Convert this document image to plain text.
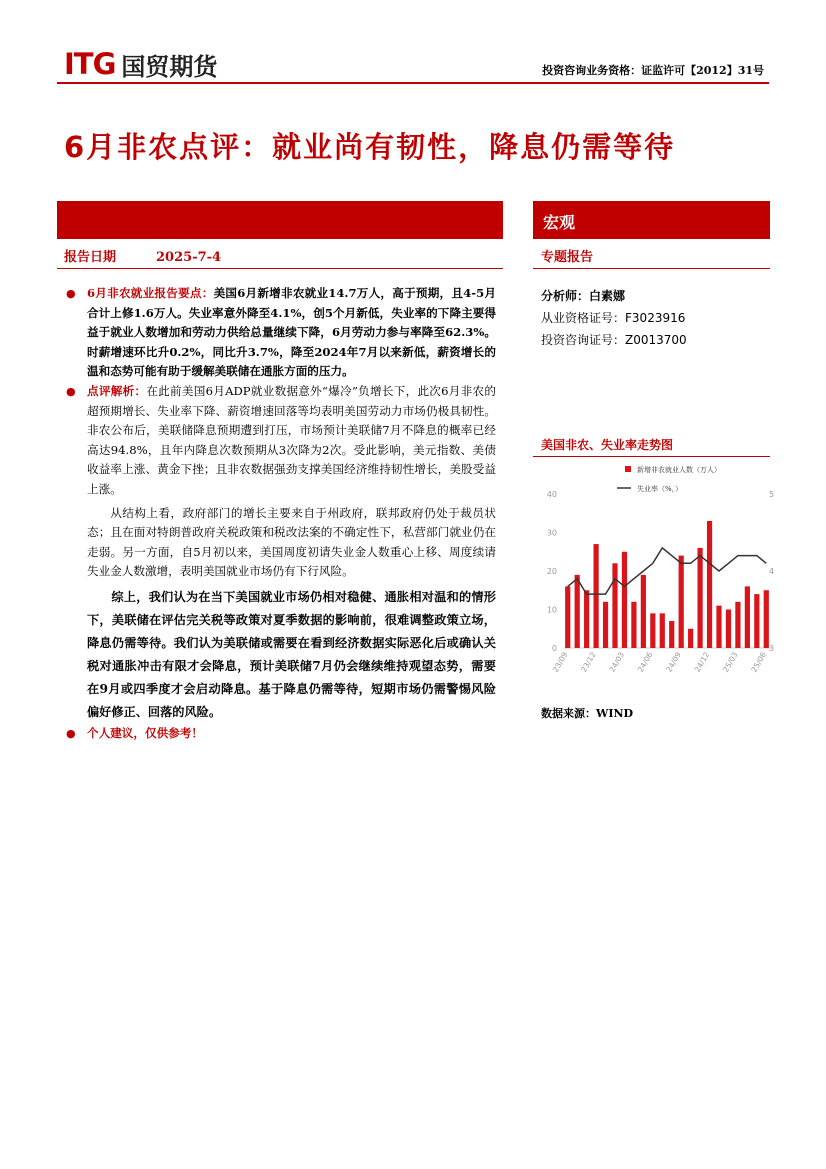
ITG 国贸期货	投资咨询业务资格：证监许可【2012】31号
6月非农点评：就业尚有韧性，降息仍需等待
宏观
报告日期	2025-7-4	专题报告
分析师：白素娜
从业资格证号：F3023916
投资咨询证号：Z0013700

● 6月非农就业报告要点：美国6月新增非农就业14.7万人，高于预期，且4-5月合计上修1.6万人。失业率意外降至4.1%，创5个月新低，失业率的下降主要得益于就业人数增加和劳动力供给总量继续下降，6月劳动力参与率降至62.3%。时薪增速环比升0.2%，同比升3.7%，降至2024年7月以来新低，薪资增长的温和态势可能有助于缓解美联储在通胀方面的压力。

● 点评解析：在此前美国6月ADP就业数据意外“爆冷”负增长下，此次6月非农的超预期增长、失业率下降、薪资增速回落等均表明美国劳动力市场仍极具韧性。非农公布后，美联储降息预期遭到打压，市场预计美联储7月不降息的概率已经高达94.8%，且年内降息次数预期从3次降为2次。受此影响，美元指数、美债收益率上涨、黄金下挫；且非农数据强劲支撑美国经济维持韧性增长，美股受益上涨。

从结构上看，政府部门的增长主要来自于州政府，联邦政府仍处于裁员状态；且在面对特朗普政府关税政策和税改法案的不确定性下，私营部门就业仍在走弱。另一方面，自5月初以来，美国周度初请失业金人数重心上移、周度续请失业金人数激增，表明美国就业市场仍有下行风险。

综上，我们认为在当下美国就业市场仍相对稳健、通胀相对温和的情形下，美联储在评估完关税等政策对夏季数据的影响前，很难调整政策立场，降息仍需等待。我们认为美联储或需要在看到经济数据实际恶化后或确认关税对通胀冲击有限才会降息，预计美联储7月仍会继续维持观望态势，需要在9月或四季度才会启动降息。基于降息仍需等待，短期市场仍需警惕风险偏好修正、回落的风险。

● 个人建议，仅供参考！

美国非农、失业率走势图
新增非农就业人数（万人）
失业率（%，）
0
10
20
30
40
3
4
5
23/09 23/12 24/03 24/06 24/09 24/12 25/03 25/06
数据来源：WIND
